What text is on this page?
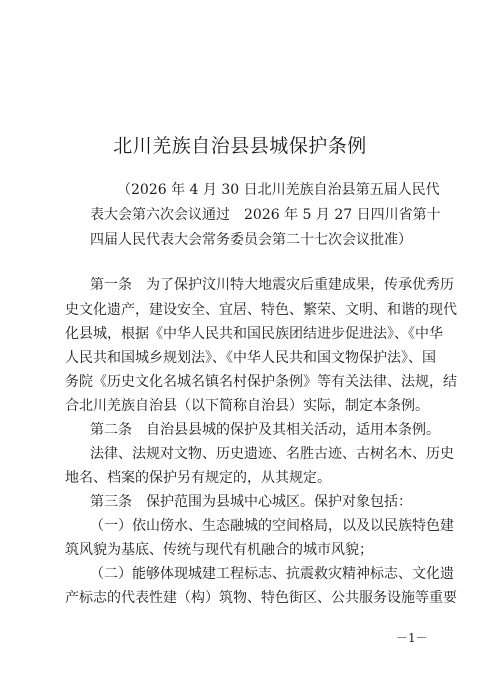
北川羌族自治县县城保护条例
（2026 年 4 月 30 日北川羌族自治县第五届人民代
表大会第六次会议通过　2026 年 5 月 27 日四川省第十
四届人民代表大会常务委员会第二十七次会议批准）
第一条 为了保护汶川特大地震灾后重建成果，传承优秀历
史文化遗产，建设安全、宜居、特色、繁荣、文明、和谐的现代
化县城，根据《中华人民共和国民族团结进步促进法》、《中华
人民共和国城乡规划法》、《中华人民共和国文物保护法》、国
务院《历史文化名城名镇名村保护条例》等有关法律、法规，结
合北川羌族自治县（以下简称自治县）实际，制定本条例。
第二条 自治县县城的保护及其相关活动，适用本条例。
法律、法规对文物、历史遗迹、名胜古迹、古树名木、历史
地名、档案的保护另有规定的，从其规定。
第三条 保护范围为县城中心城区。保护对象包括：
（一）依山傍水、生态融城的空间格局，以及以民族特色建
筑风貌为基底、传统与现代有机融合的城市风貌；
（二）能够体现城建工程标志、抗震救灾精神标志、文化遗
产标志的代表性建（构）筑物、特色街区、公共服务设施等重要
－1－
